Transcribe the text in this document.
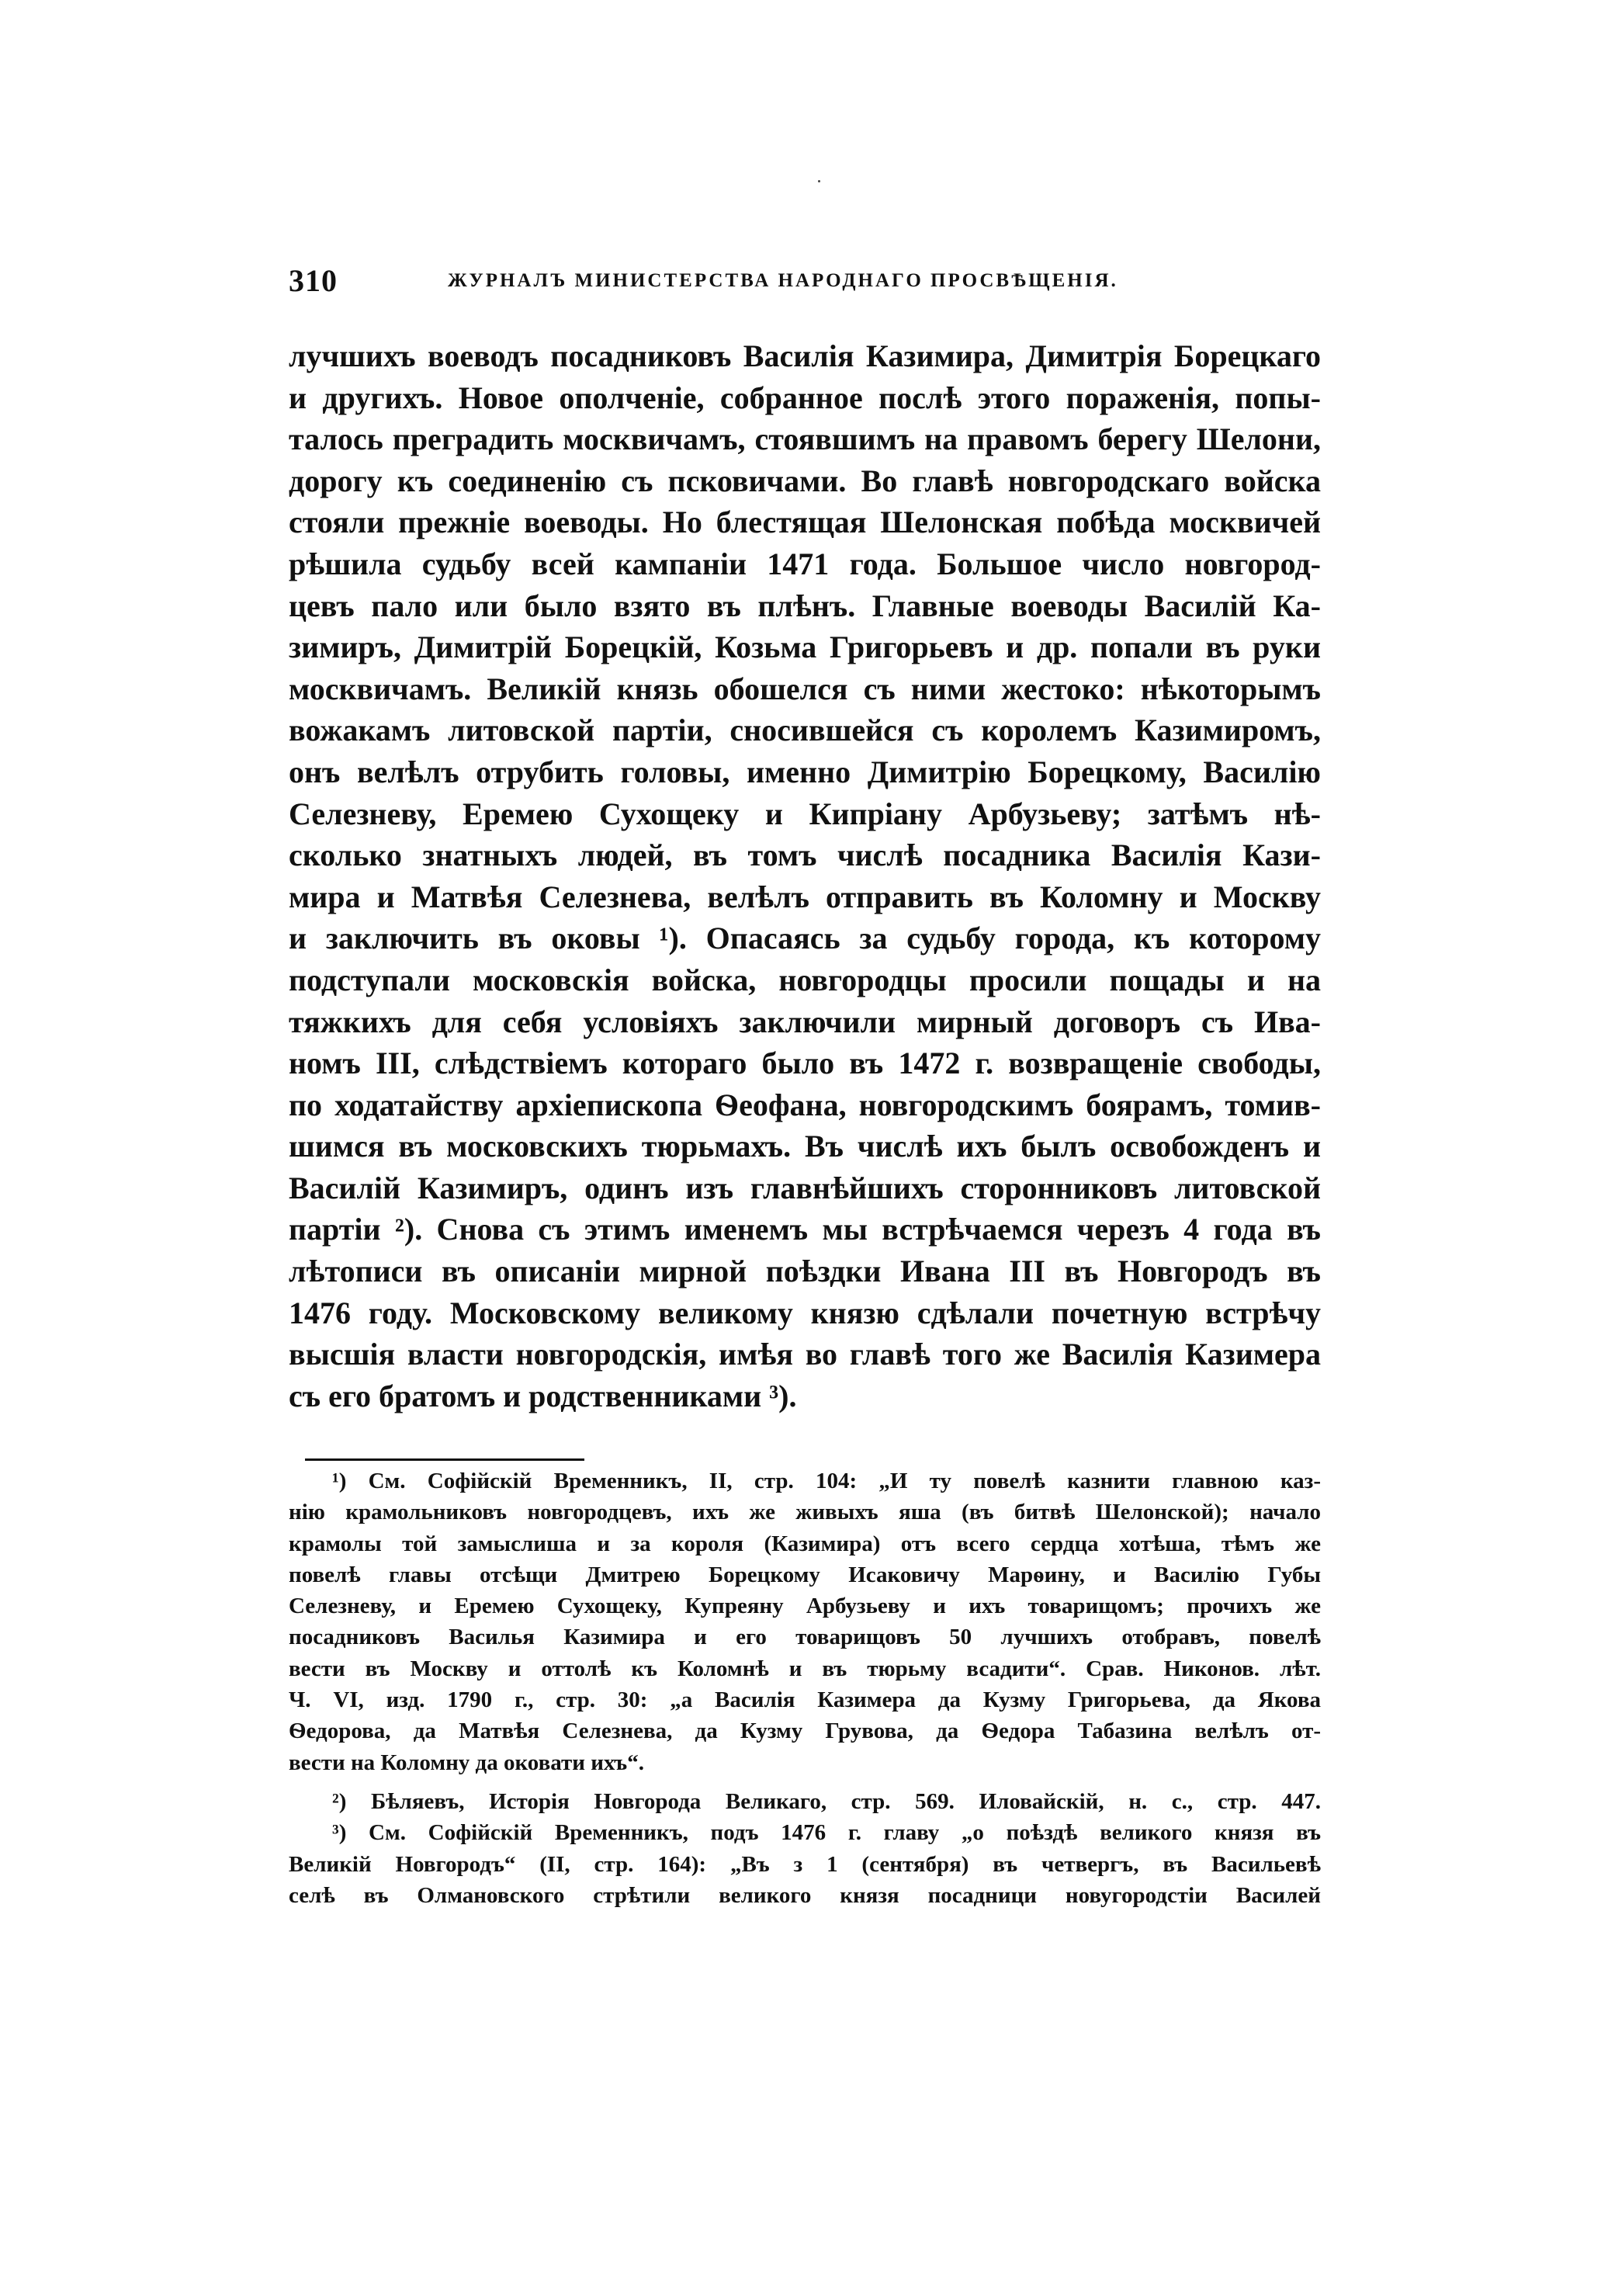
310	ЖУРНАЛЪ МИНИСТЕРСТВА НАРОДНАГО ПРОСВѢЩЕНІЯ.
лучшихъ воеводъ посадниковъ Василія Казимира, Димитрія Борецкаго
и другихъ. Новое ополченіе, собранное послѣ этого пораженія, попы-
талось преградить москвичамъ, стоявшимъ на правомъ берегу Шелони,
дорогу къ соединенію съ псковичами. Во главѣ новгородскаго войска
стояли прежніе воеводы. Но блестящая Шелонская побѣда москвичей
рѣшила судьбу всей кампаніи 1471 года. Большое число новгород-
цевъ пало или было взято въ плѣнъ. Главные воеводы Василій Ка-
зимиръ, Димитрій Борецкій, Козьма Григорьевъ и др. попали въ руки
москвичамъ. Великій князь обошелся съ ними жестоко: нѣкоторымъ
вожакамъ литовской партіи, сносившейся съ королемъ Казимиромъ,
онъ велѣлъ отрубить головы, именно Димитрію Борецкому, Василію
Селезневу, Еремею Сухощеку и Кипріану Арбузьеву; затѣмъ нѣ-
сколько знатныхъ людей, въ томъ числѣ посадника Василія Кази-
мира и Матвѣя Селезнева, велѣлъ отправить въ Коломну и Москву
и заключить въ оковы ¹). Опасаясь за судьбу города, къ которому
подступали московскія войска, новгородцы просили пощады и на
тяжкихъ для себя условіяхъ заключили мирный договоръ съ Ива-
номъ III, слѣдствіемъ котораго было въ 1472 г. возвращеніе свободы,
по ходатайству архіепископа Ѳеофана, новгородскимъ боярамъ, томив-
шимся въ московскихъ тюрьмахъ. Въ числѣ ихъ былъ освобожденъ и
Василій Казимиръ, одинъ изъ главнѣйшихъ сторонниковъ литовской
партіи ²). Снова съ этимъ именемъ мы встрѣчаемся черезъ 4 года въ
лѣтописи въ описаніи мирной поѣздки Ивана III въ Новгородъ въ
1476 году. Московскому великому князю сдѣлали почетную встрѣчу
высшія власти новгородскія, имѣя во главѣ того же Василія Казимера
съ его братомъ и родственниками ³).
¹) См. Софійскій Временникъ, II, стр. 104: „И ту повелѣ казнити главною каз-
нію крамольниковъ новгородцевъ, ихъ же живыхъ яша (въ битвѣ Шелонской); начало
крамолы той замыслиша и за короля (Казимира) отъ всего сердца хотѣша, тѣмъ же
повелѣ главы отсѣщи Дмитрею Борецкому Исаковичу Марѳину, и Василію Губы
Селезневу, и Еремею Сухощеку, Купреяну Арбузьеву и ихъ товарищомъ; прочихъ же
посадниковъ Василья Казимира и его товарищовъ 50 лучшихъ отобравъ, повелѣ
вести въ Москву и оттолѣ къ Коломнѣ и въ тюрьму всадити“. Срав. Никонов. лѣт.
Ч. VI, изд. 1790 г., стр. 30: „а Василія Казимера да Кузму Григорьева, да Якова
Ѳедорова, да Матвѣя Селезнева, да Кузму Грувова, да Ѳедора Табазина велѣлъ от-
вести на Коломну да оковати ихъ“.
²) Бѣляевъ, Исторія Новгорода Великаго, стр. 569. Иловайскій, н. с., стр. 447.
³) См. Софійскій Временникъ, подъ 1476 г. главу „о поѣздѣ великого князя въ
Великій Новгородъ“ (II, стр. 164): „Въ з 1 (сентября) въ четвергъ, въ Васильевѣ
селѣ въ Олмановского стрѣтили великого князя посадници новугородстіи Василей
